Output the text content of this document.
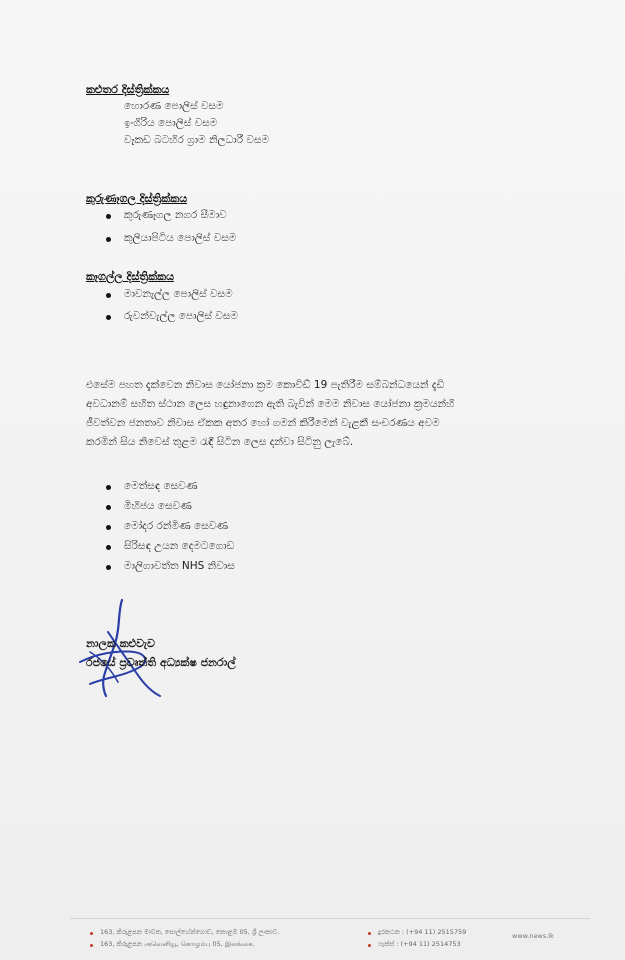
කළුතර දිස්ත්‍රික්කය
හොරණ පොලිස් වසම
ඉංගිරිය පොලිස් වසම
වෑකඩ බටහිර ග්‍රාම නිලධාරී වසම
කුරුණෑගල දිස්ත්‍රික්කය
කුරුණෑගල නගර සීමාව
කුලියාපිටිය පොලිස් වසම
කෑගල්ල දිස්ත්‍රික්කය
මාවනැල්ල පොලිස් වසම
රුවන්වැල්ල පොලිස් වසම
එසේම පහත දැක්වෙන නිවාස යෝජනා ක්‍රම කොවිඩ් 19 පැතිරීම සම්බන්ධයෙන් දැඩි
අවධානම් සහිත ස්ථාන ලෙස හඳුනාගෙන ඇති බැවින් මෙම නිවාස යෝජනා ක්‍රමයන්හි
ජීවත්වන ජනතාව නිවාස ඒකක අතර හෝ ගමන් කිරීමෙන් වැළකී සංචරණය අවම
කරමින් සිය නිවෙස් තුළම රැඳී සිටින ලෙස දන්වා සිටිනු ලැබේ.
මෙත්සඳ සෙවණ
මිහිජය සෙවණ
මෝදර රන්මිණ සෙවණ
සිරිසඳ උයන දෙමටගොඩ
මාලිගාවත්ත NHS නිවාස
නාලක කළුවැව
රජයේ ප්‍රවෘත්ති අධ්‍යක්ෂ ජනරාල්
163, කිරුළපන මාවත, පොල්හේන්ගොඩ, කොළඹ 05, ශ්‍රී ලංකාව.
163, කිරුළපන அவெனியூ, கொழும்பு 05, இலங்கை.
දුරකථන : (+94 11) 2515759
ෆැක්ස් : (+94 11) 2514753
www.news.lk
